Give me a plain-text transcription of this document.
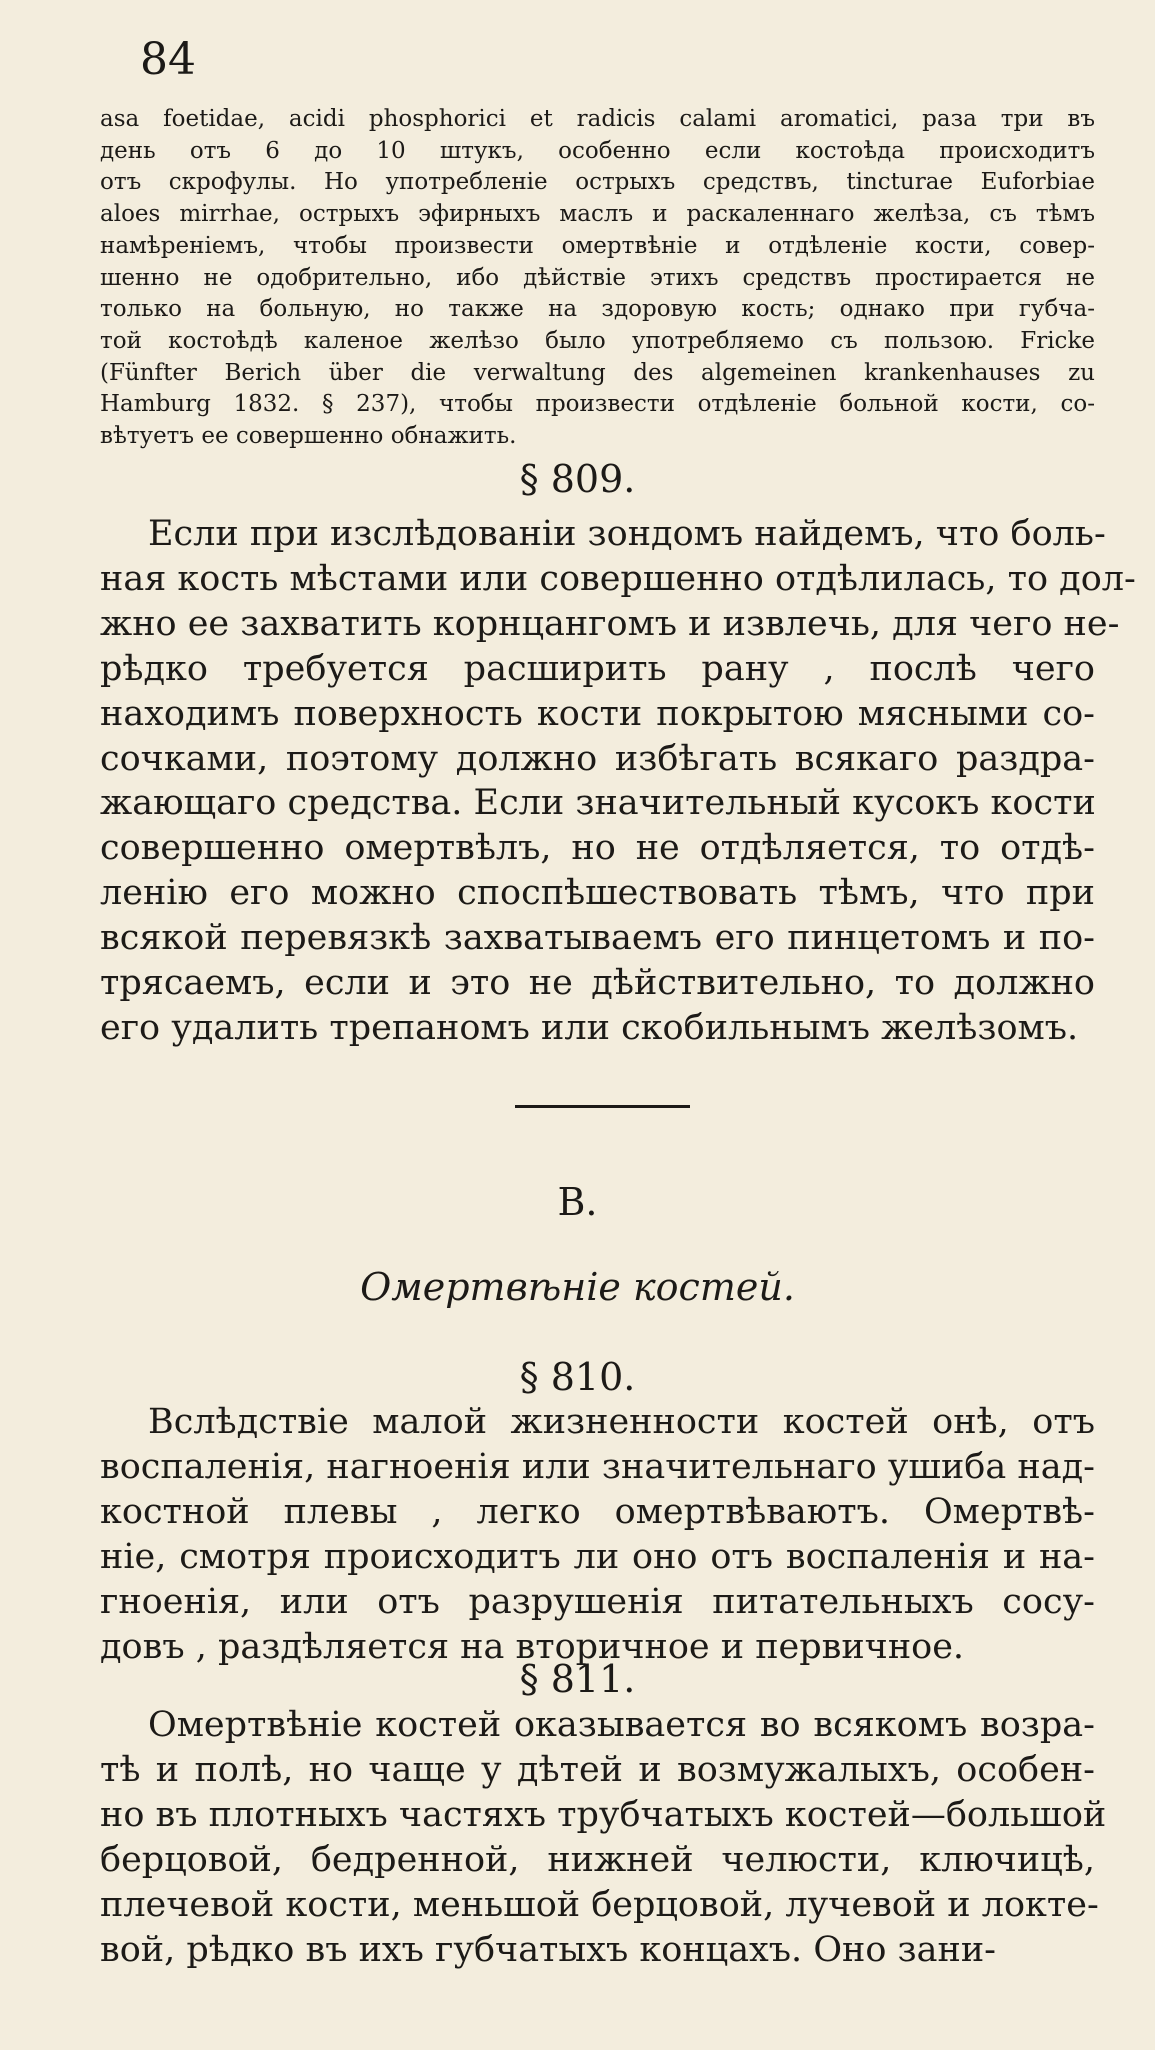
84
asa foetidae, acidi phosphorici et radicis calami aromatici, раза три въ
день отъ 6 до 10 штукъ, особенно если костоѣда происходитъ
отъ скрофулы. Но употребленіе острыхъ средствъ, tincturae Euforbiae
aloes mirrhae, острыхъ эфирныхъ маслъ и раскаленнаго желѣза, съ тѣмъ
намѣреніемъ, чтобы произвести омертвѣніе и отдѣленіе кости, совер-
шенно не одобрительно, ибо дѣйствіе этихъ средствъ простирается не
только на больную, но также на здоровую кость; однако при губча-
той костоѣдѣ каленое желѣзо было употребляемо съ пользою. Fricke
(Fünfter Berich über die verwaltung des algemeinen krankenhauses zu
Hamburg 1832. § 237), чтобы произвести отдѣленіе больной кости, со-
вѣтуетъ ее совершенно обнажить.
§ 809.
Если при изслѣдованіи зондомъ найдемъ, что боль-
ная кость мѣстами или совершенно отдѣлилась, то дол-
жно ее захватить корнцангомъ и извлечь, для чего не-
рѣдко требуется расширить рану , послѣ чего
находимъ поверхность кости покрытою мясными со-
сочками, поэтому должно избѣгать всякаго раздра-
жающаго средства. Если значительный кусокъ кости
совершенно омертвѣлъ, но не отдѣляется, то отдѣ-
ленію его можно споспѣшествовать тѣмъ, что при
всякой перевязкѣ захватываемъ его пинцетомъ и по-
трясаемъ, если и это не дѣйствительно, то должно
его удалить трепаномъ или скобильнымъ желѣзомъ.
B.
Омертвѣніе костей.
§ 810.
Вслѣдствіе малой жизненности костей онѣ, отъ
воспаленія, нагноенія или значительнаго ушиба над-
костной плевы , легко омертвѣваютъ. Омертвѣ-
ніе, смотря происходитъ ли оно отъ воспаленія и на-
гноенія, или отъ разрушенія питательныхъ сосу-
довъ , раздѣляется на вторичное и первичное.
§ 811.
Омертвѣніе костей оказывается во всякомъ возра-
тѣ и полѣ, но чаще у дѣтей и возмужалыхъ, особен-
но въ плотныхъ частяхъ трубчатыхъ костей—большой
берцовой, бедренной, нижней челюсти, ключицѣ,
плечевой кости, меньшой берцовой, лучевой и локте-
вой, рѣдко въ ихъ губчатыхъ концахъ. Оно зани-
